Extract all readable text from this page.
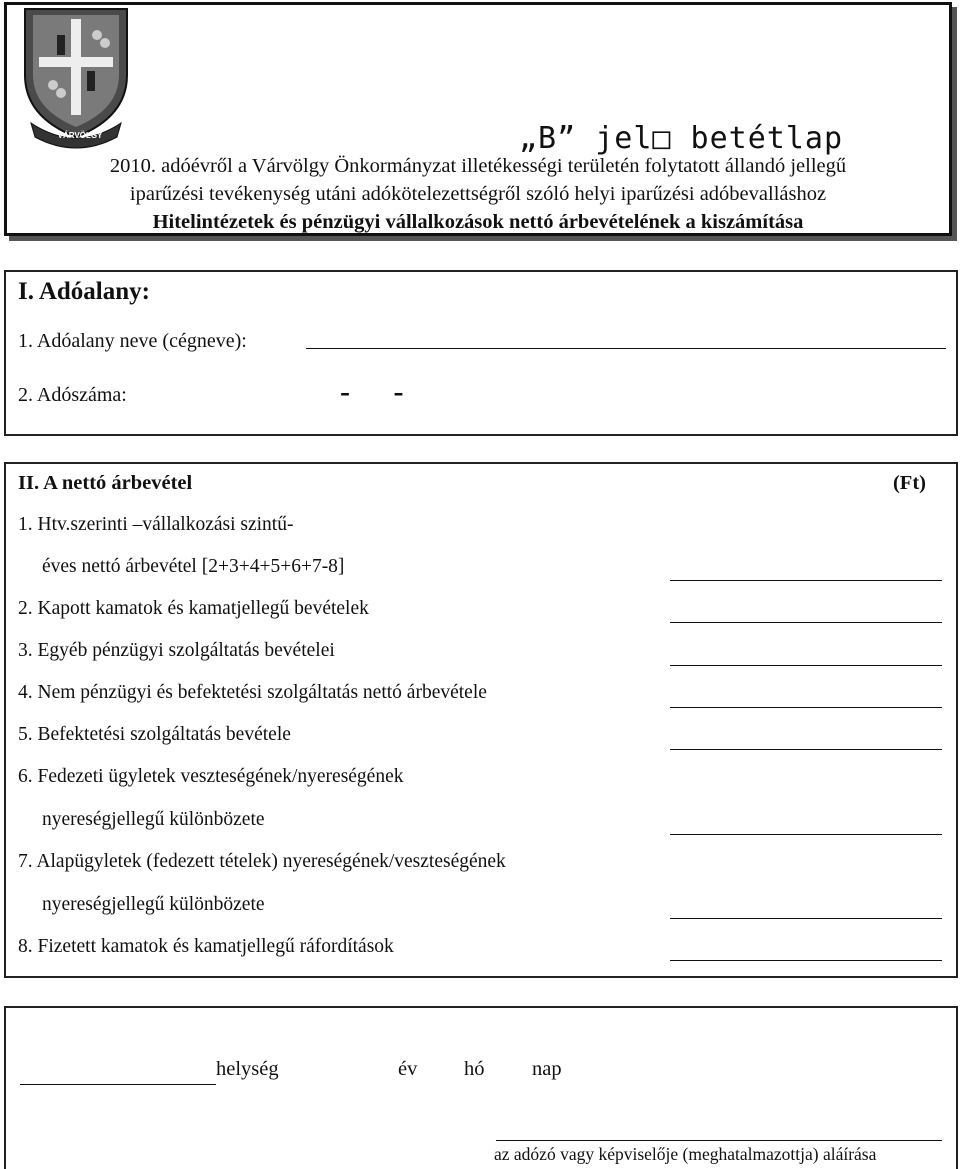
VÁRVÖLGY	„B” jel□ betétlap
2010. adóévről a Várvölgy Önkormányzat illetékességi területén folytatott állandó jellegű
iparűzési tevékenység utáni adókötelezettségről szóló helyi iparűzési adóbevalláshoz
Hitelintézetek és pénzügyi vállalkozások nettó árbevételének a kiszámítása
I. Adóalany:
1. Adóalany neve (cégneve):
2. Adószáma:	- -
II. A nettó árbevétel	(Ft)
1. Htv.szerinti –vállalkozási szintű-
éves nettó árbevétel [2+3+4+5+6+7-8]
2. Kapott kamatok és kamatjellegű bevételek
3. Egyéb pénzügyi szolgáltatás bevételei
4. Nem pénzügyi és befektetési szolgáltatás nettó árbevétele
5. Befektetési szolgáltatás bevétele
6. Fedezeti ügyletek veszteségének/nyereségének
nyereségjellegű különbözete
7. Alapügyletek (fedezett tételek) nyereségének/veszteségének
nyereségjellegű különbözete
8. Fizetett kamatok és kamatjellegű ráfordítások
helység	év hó nap
az adózó vagy képviselője (meghatalmazottja) aláírása
